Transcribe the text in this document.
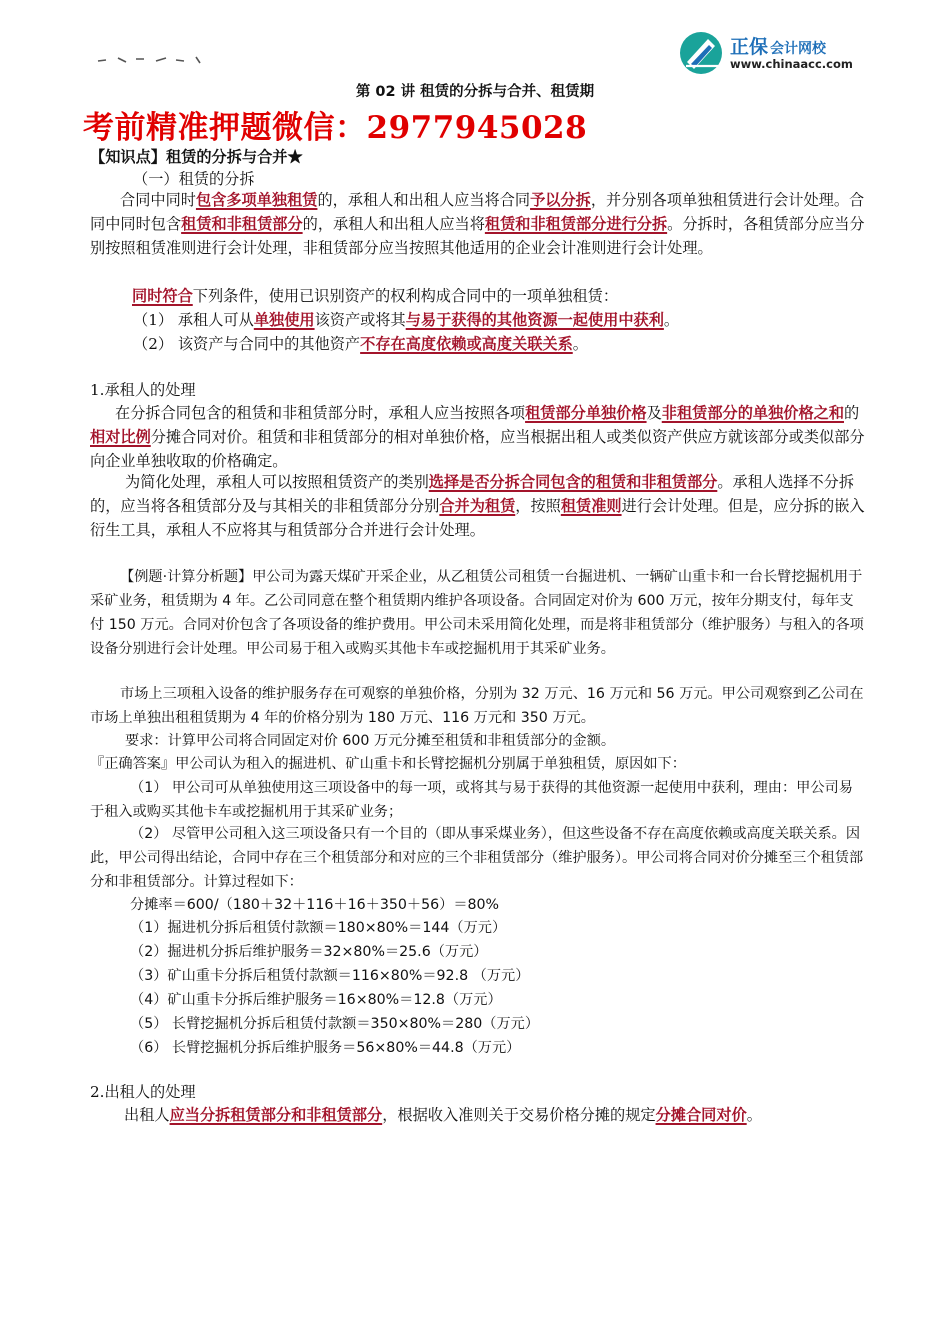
正保 会计网校
www.chinaacc.com
第 02 讲 租赁的分拆与合并、租赁期
考前精准押题微信：2977945028
【知识点】租赁的分拆与合并★
（一）租赁的分拆

合同中同时包含多项单独租赁的，承租人和出租人应当将合同予以分拆，并分别各项单独租赁进行会计处理。合同中同时包含租赁和非租赁部分的，承租人和出租人应当将租赁和非租赁部分进行分拆。分拆时，各租赁部分应当分别按照租赁准则进行会计处理，非租赁部分应当按照其他适用的企业会计准则进行会计处理。

同时符合下列条件，使用已识别资产的权利构成合同中的一项单独租赁：

（1） 承租人可从单独使用该资产或将其与易于获得的其他资源一起使用中获利。

（2） 该资产与合同中的其他资产不存在高度依赖或高度关联关系。

1.承租人的处理

在分拆合同包含的租赁和非租赁部分时，承租人应当按照各项租赁部分单独价格及非租赁部分的单独价格之和的相对比例分摊合同对价。租赁和非租赁部分的相对单独价格，应当根据出租人或类似资产供应方就该部分或类似部分向企业单独收取的价格确定。

为简化处理，承租人可以按照租赁资产的类别选择是否分拆合同包含的租赁和非租赁部分。承租人选择不分拆的，应当将各租赁部分及与其相关的非租赁部分分别合并为租赁，按照租赁准则进行会计处理。但是，应分拆的嵌入衍生工具，承租人不应将其与租赁部分合并进行会计处理。

【例题·计算分析题】甲公司为露天煤矿开采企业，从乙租赁公司租赁一台掘进机、一辆矿山重卡和一台长臂挖掘机用于采矿业务，租赁期为 4 年。乙公司同意在整个租赁期内维护各项设备。合同固定对价为 600 万元，按年分期支付，每年支付 150 万元。合同对价包含了各项设备的维护费用。甲公司未采用简化处理，而是将非租赁部分（维护服务）与租入的各项设备分别进行会计处理。甲公司易于租入或购买其他卡车或挖掘机用于其采矿业务。

市场上三项租入设备的维护服务存在可观察的单独价格，分别为 32 万元、16 万元和 56 万元。甲公司观察到乙公司在市场上单独出租租赁期为 4 年的价格分别为 180 万元、116 万元和 350 万元。

要求：计算甲公司将合同固定对价 600 万元分摊至租赁和非租赁部分的金额。

『正确答案』甲公司认为租入的掘进机、矿山重卡和长臂挖掘机分别属于单独租赁，原因如下：

（1） 甲公司可从单独使用这三项设备中的每一项，或将其与易于获得的其他资源一起使用中获利，理由：甲公司易于租入或购买其他卡车或挖掘机用于其采矿业务；

（2） 尽管甲公司租入这三项设备只有一个目的（即从事采煤业务），但这些设备不存在高度依赖或高度关联关系。因此，甲公司得出结论，合同中存在三个租赁部分和对应的三个非租赁部分（维护服务）。甲公司将合同对价分摊至三个租赁部分和非租赁部分。计算过程如下：

分摊率＝600/（180＋32＋116＋16＋350＋56）＝80%
（1）掘进机分拆后租赁付款额＝180×80%＝144（万元）
（2）掘进机分拆后维护服务＝32×80%＝25.6（万元）
（3）矿山重卡分拆后租赁付款额＝116×80%＝92.8 （万元）
（4）矿山重卡分拆后维护服务＝16×80%＝12.8（万元）
（5） 长臂挖掘机分拆后租赁付款额＝350×80%＝280（万元）
（6） 长臂挖掘机分拆后维护服务＝56×80%＝44.8（万元）
2.出租人的处理

出租人应当分拆租赁部分和非租赁部分，根据收入准则关于交易价格分摊的规定分摊合同对价。
